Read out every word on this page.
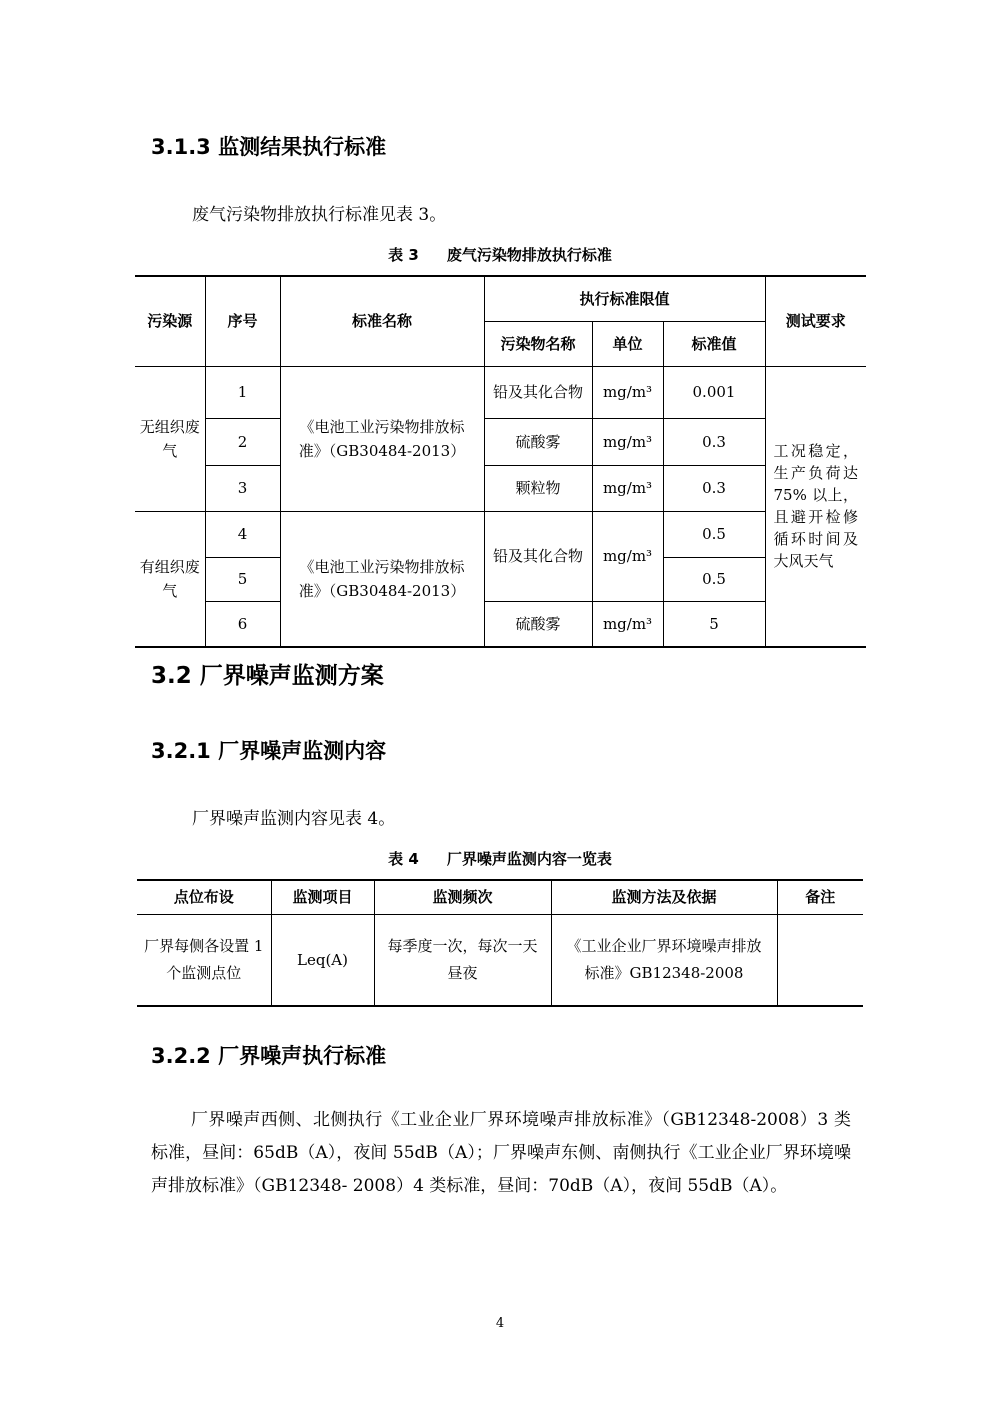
3.1.3 监测结果执行标准

废气污染物排放执行标准见表 3。

表 3 废气污染物排放执行标准

污染源	序号	标准名称	执行标准限值			测试要求
			污染物名称	单位	标准值	
无组织废气	1	《电池工业污染物排放标准》（GB30484-2013）	铅及其化合物	mg/m³	0.001	工况稳定，生产负荷达 75% 以上，且避开检修循环时间及大风天气
	2		硫酸雾	mg/m³	0.3	
	3		颗粒物	mg/m³	0.3	
有组织废气	4	《电池工业污染物排放标准》（GB30484-2013）	铅及其化合物	mg/m³	0.5	
	5				0.5	
	6		硫酸雾	mg/m³	5	
3.2 厂界噪声监测方案
3.2.1 厂界噪声监测内容

厂界噪声监测内容见表 4。

表 4 厂界噪声监测内容一览表

点位布设	监测项目	监测频次	监测方法及依据	备注
厂界每侧各设置 1 个监测点位	Leq(A)	每季度一次，每次一天昼夜	《工业企业厂界环境噪声排放标准》GB12348-2008	
3.2.2 厂界噪声执行标准

厂界噪声西侧、北侧执行《工业企业厂界环境噪声排放标准》（GB12348-2008）3 类标准，昼间：65dB（A），夜间 55dB（A）；厂界噪声东侧、南侧执行《工业企业厂界环境噪声排放标准》（GB12348- 2008）4 类标准，昼间：70dB（A），夜间 55dB（A）。

4
